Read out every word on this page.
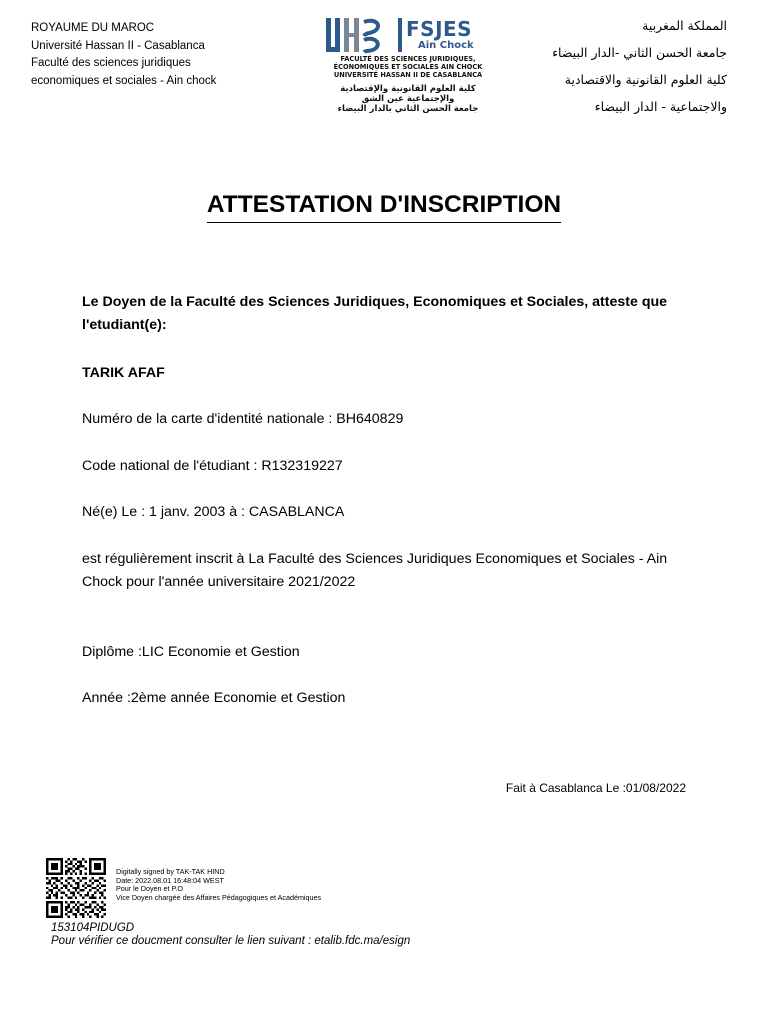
ROYAUME DU MAROC
Université Hassan II - Casablanca
Faculté des sciences juridiques
economiques et sociales - Ain chock
FSJES
Ain Chock
FACULTÉ DES SCIENCES JURIDIQUES,
ÉCONOMIQUES ET SOCIALES AIN CHOCK
UNIVERSITÉ HASSAN II DE CASABLANCA
كلية العلوم القانونية والإقتصادية
والإجتماعية عين الشق
جامعة الحسن الثاني بالدار البيضاء
المملكة المغربية
جامعة الحسن الثاني -الدار البيضاء
كلية العلوم القانونية والاقتصادية
والاجتماعية - الدار البيضاء
ATTESTATION D'INSCRIPTION
Le Doyen de la Faculté des Sciences Juridiques, Economiques et Sociales, atteste que l'etudiant(e):
TARIK AFAF
Numéro de la carte d'identité nationale : BH640829
Code national de l'étudiant : R132319227
Né(e) Le : 1 janv. 2003 à : CASABLANCA
est régulièrement inscrit à La Faculté des Sciences Juridiques Economiques et Sociales - Ain Chock pour l'année universitaire 2021/2022
Diplôme :LIC Economie et Gestion
Année :2ème année Economie et Gestion
Fait à Casablanca Le :01/08/2022
Digitally signed by TAK-TAK HIND
Date: 2022.08.01 16:48:04 WEST
Pour le Doyen et P.O
Vice Doyen chargée des Affaires Pédagogiques et Académiques
153104PIDUGD
Pour vérifier ce doucment consulter le lien suivant : etalib.fdc.ma/esign
